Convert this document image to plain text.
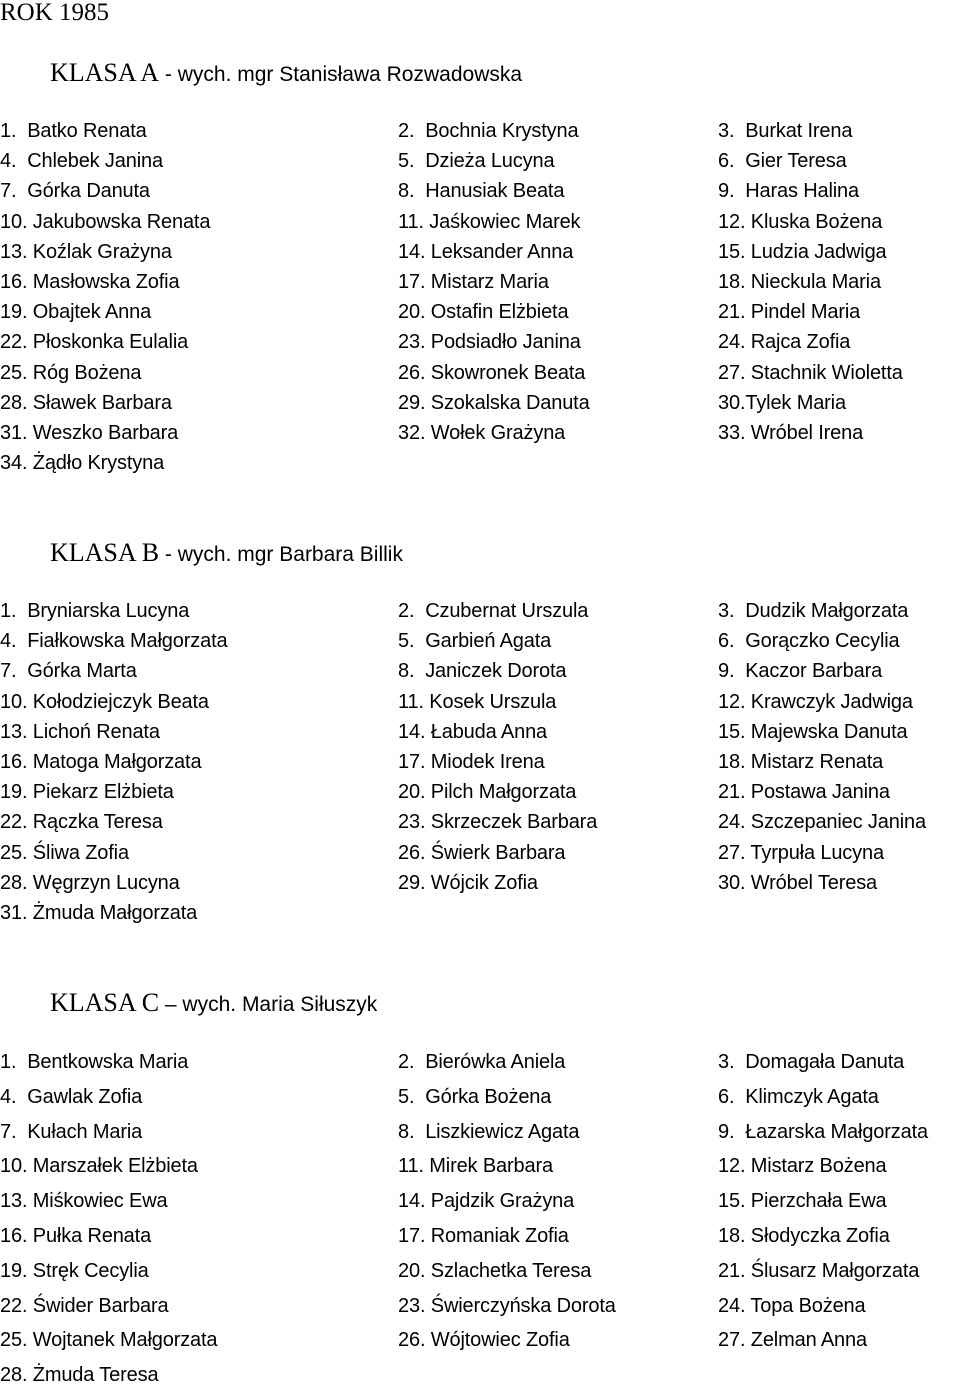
ROK 1985
KLASA A - wych. mgr Stanisława Rozwadowska
1.  Batko Renata	2.  Bochnia Krystyna	3.  Burkat Irena
4.  Chlebek Janina	5.  Dzieża Lucyna	6.  Gier Teresa
7.  Górka Danuta	8.  Hanusiak Beata	9.  Haras Halina
10. Jakubowska Renata	11. Jaśkowiec Marek	12. Kluska Bożena
13. Koźlak Grażyna	14. Leksander Anna	15. Ludzia Jadwiga
16. Masłowska Zofia	17. Mistarz Maria	18. Nieckula Maria
19. Obajtek Anna	20. Ostafin Elżbieta	21. Pindel Maria
22. Płoskonka Eulalia	23. Podsiadło Janina	24. Rajca Zofia
25. Róg Bożena	26. Skowronek Beata	27. Stachnik Wioletta
28. Sławek Barbara	29. Szokalska Danuta	30.Tylek Maria
31. Weszko Barbara	32. Wołek Grażyna	33. Wróbel Irena
34. Żądło Krystyna
KLASA B - wych. mgr Barbara Billik
1.  Bryniarska Lucyna	2.  Czubernat Urszula	3.  Dudzik Małgorzata
4.  Fiałkowska Małgorzata	5.  Garbień Agata	6.  Gorączko Cecylia
7.  Górka Marta	8.  Janiczek Dorota	9.  Kaczor Barbara
10. Kołodziejczyk Beata	11. Kosek Urszula	12. Krawczyk Jadwiga
13. Lichoń Renata	14. Łabuda Anna	15. Majewska Danuta
16. Matoga Małgorzata	17. Miodek Irena	18. Mistarz Renata
19. Piekarz Elżbieta	20. Pilch Małgorzata	21. Postawa Janina
22. Rączka Teresa	23. Skrzeczek Barbara	24. Szczepaniec Janina
25. Śliwa Zofia	26. Świerk Barbara	27. Tyrpuła Lucyna
28. Węgrzyn Lucyna	29. Wójcik Zofia	30. Wróbel Teresa
31. Żmuda Małgorzata
KLASA C – wych. Maria Siłuszyk
1.  Bentkowska Maria	2.  Bierówka Aniela	3.  Domagała Danuta
4.  Gawlak Zofia	5.  Górka Bożena	6.  Klimczyk Agata
7.  Kułach Maria	8.  Liszkiewicz Agata	9.  Łazarska Małgorzata
10. Marszałek Elżbieta	11. Mirek Barbara	12. Mistarz Bożena
13. Miśkowiec Ewa	14. Pajdzik Grażyna	15. Pierzchała Ewa
16. Pułka Renata	17. Romaniak Zofia	18. Słodyczka Zofia
19. Stręk Cecylia	20. Szlachetka Teresa	21. Ślusarz Małgorzata
22. Świder Barbara	23. Świerczyńska Dorota	24. Topa Bożena
25. Wojtanek Małgorzata	26. Wójtowiec Zofia	27. Zelman Anna
28. Żmuda Teresa
